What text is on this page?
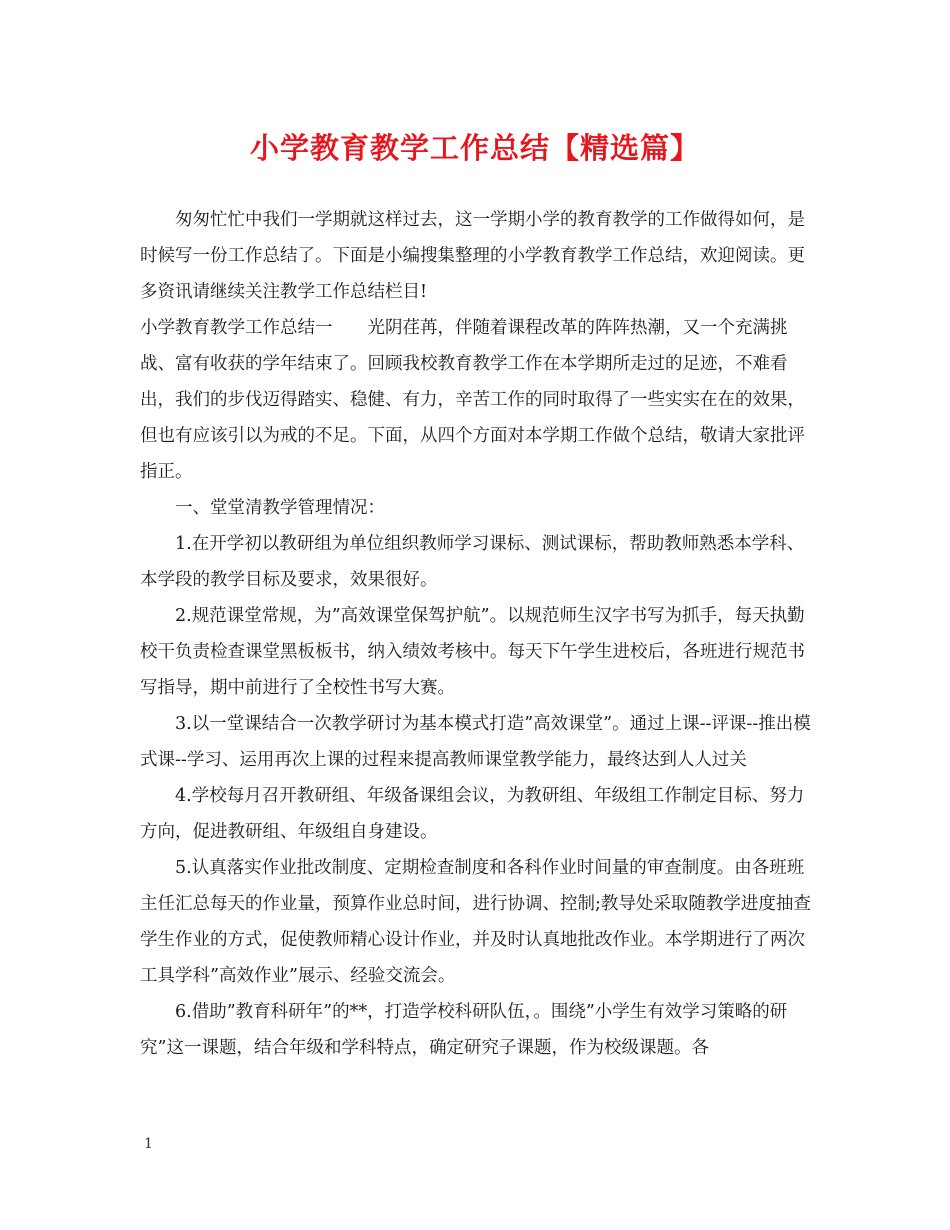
小学教育教学工作总结【精选篇】

匆匆忙忙中我们一学期就这样过去，这一学期小学的教育教学的工作做得如何，是时候写一份工作总结了。下面是小编搜集整理的小学教育教学工作总结，欢迎阅读。更多资讯请继续关注教学工作总结栏目!

小学教育教学工作总结一　　光阴荏苒，伴随着课程改革的阵阵热潮，又一个充满挑战、富有收获的学年结束了。回顾我校教育教学工作在本学期所走过的足迹，不难看出，我们的步伐迈得踏实、稳健、有力，辛苦工作的同时取得了一些实实在在的效果，但也有应该引以为戒的不足。下面，从四个方面对本学期工作做个总结，敬请大家批评指正。

一、堂堂清教学管理情况：

1.在开学初以教研组为单位组织教师学习课标、测试课标，帮助教师熟悉本学科、本学段的教学目标及要求，效果很好。

2.规范课堂常规，为”高效课堂保驾护航”。以规范师生汉字书写为抓手，每天执勤校干负责检查课堂黑板板书，纳入绩效考核中。每天下午学生进校后，各班进行规范书写指导，期中前进行了全校性书写大赛。

3.以一堂课结合一次教学研讨为基本模式打造”高效课堂”。通过上课--评课--推出模式课--学习、运用再次上课的过程来提高教师课堂教学能力，最终达到人人过关

4.学校每月召开教研组、年级备课组会议，为教研组、年级组工作制定目标、努力方向，促进教研组、年级组自身建设。

5.认真落实作业批改制度、定期检查制度和各科作业时间量的审查制度。由各班班主任汇总每天的作业量，预算作业总时间，进行协调、控制;教导处采取随教学进度抽查学生作业的方式，促使教师精心设计作业，并及时认真地批改作业。本学期进行了两次工具学科”高效作业”展示、经验交流会。

6.借助”教育科研年”的**，打造学校科研队伍，。围绕”小学生有效学习策略的研究”这一课题，结合年级和学科特点，确定研究子课题，作为校级课题。各

1
